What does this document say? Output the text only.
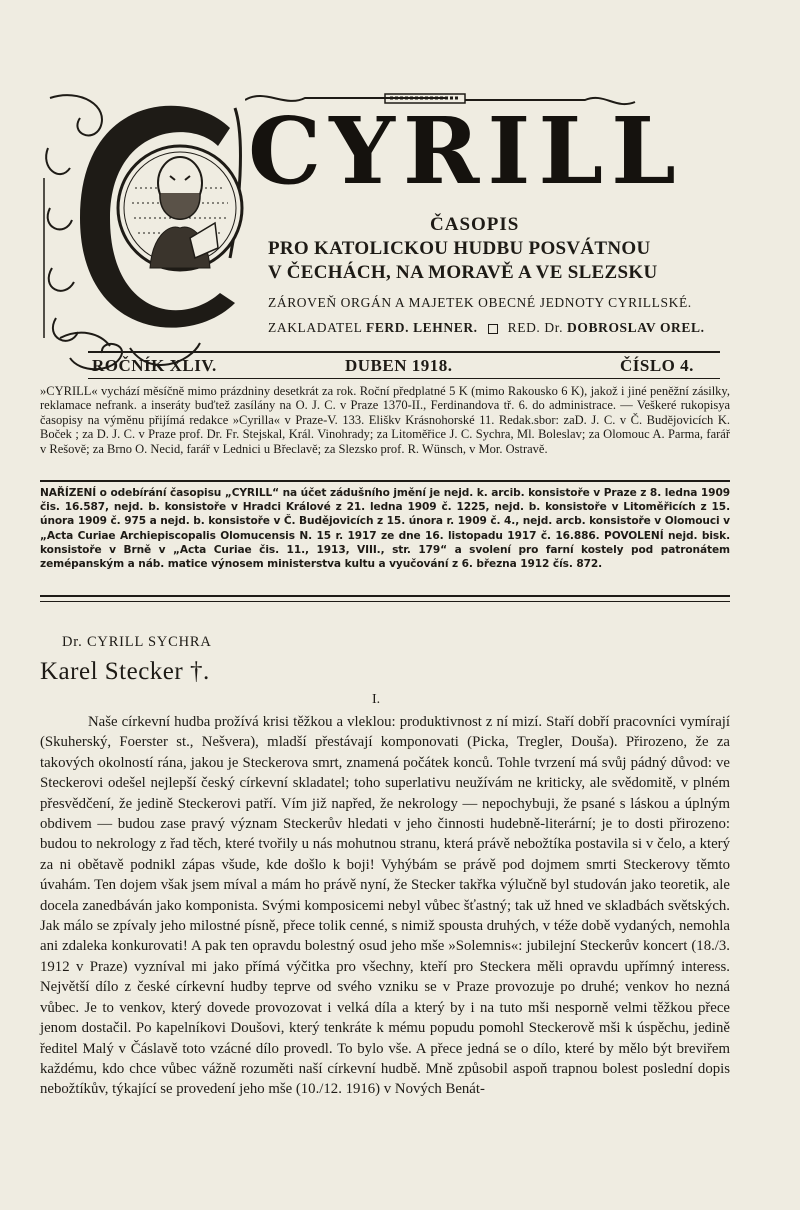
CYRILL
ČASOPIS
PRO KATOLICKOU HUDBU POSVÁTNOU
V ČECHÁCH, NA MORAVĚ A VE SLEZSKU
ZÁROVEŇ ORGÁN A MAJETEK OBECNÉ JEDNOTY CYRILLSKÉ.
ZAKLADATEL FERD. LEHNER. RED. Dr. DOBROSLAV OREL.
ROČNÍK XLIV.	DUBEN 1918.	ČÍSLO 4.
»CYRILL« vychází měsíčně mimo prázdniny desetkrát za rok. Roční předplatné 5 K (mimo Rakousko 6 K), jakož i jiné peněžní zásilky, reklamace nefrank. a inseráty buďtež zasílány na O. J. C. v Praze 1370-II., Ferdinandova tř. 6. do administrace. — Veškeré rukopisya časopisy na výměnu přijímá redakce »Cyrilla« v Praze-V. 133. Eliškv Krásnohorské 11. Redak.sbor: zaD. J. C. v Č. Budějovicích K. Boček ; za D. J. C. v Praze prof. Dr. Fr. Stejskal, Král. Vinohrady; za Litoměřice J. C. Sychra, Ml. Boleslav; za Olomouc A. Parma, farář v Rešově; za Brno O. Necid, farář v Lednici u Břeclavě; za Slezsko prof. R. Wünsch, v Mor. Ostravě.
NAŘÍZENÍ o odebírání časopisu „CYRILL“ na účet zádušního jmění je nejd. k. arcib. konsistoře v Praze z 8. ledna 1909 čis. 16.587, nejd. b. konsistoře v Hradci Králové z 21. ledna 1909 č. 1225, nejd. b. konsistoře v Litoměřicích z 15. února 1909 č. 975 a nejd. b. konsistoře v Č. Budějovicích z 15. února r. 1909 č. 4., nejd. arcb. konsistoře v Olomouci v „Acta Curiae Archiepiscopalis Olomucensis N. 15 r. 1917 ze dne 16. listopadu 1917 č. 16.886. POVOLENÍ nejd. bisk. konsistoře v Brně v „Acta Curiae čis. 11., 1913, VIII., str. 179“ a svolení pro farní kostely pod patronátem zemépanským a náb. matice výnosem ministerstva kultu a vyučování z 6. března 1912 čís. 872.
Dr. CYRILL SYCHRA
Karel Stecker †.
I.

Naše církevní hudba prožívá krisi těžkou a vleklou: produktivnost z ní mizí. Staří dobří pracovníci vymírají (Skuherský, Foerster st., Nešvera), mladší přestávají komponovati (Picka, Tregler, Douša). Přirozeno, že za takových okolností rána, jakou je Steckerova smrt, znamená počátek konců. Tohle tvrzení má svůj pádný důvod: ve Steckerovi odešel nejlepší český církevní skladatel; toho superlativu neužívám ne kriticky, ale svědomitě, v plném přesvědčení, že jedině Steckerovi patří. Vím již napřed, že nekrology — nepochybuji, že psané s láskou a úplným obdivem — budou zase pravý význam Steckerův hledati v jeho činnosti hudebně-literární; je to dosti přirozeno: budou to nekrology z řad těch, které tvořily u nás mohutnou stranu, která právě nebožtíka postavila si v čelo, a který za ni obětavě podnikl zápas všude, kde došlo k boji! Vyhýbám se právě pod dojmem smrti Steckerovy těmto úvahám. Ten dojem však jsem míval a mám ho právě nyní, že Stecker takřka výlučně byl studován jako teoretik, ale docela zanedbáván jako komponista. Svými komposicemi nebyl vůbec šťastný; tak už hned ve skladbách světských. Jak málo se zpívaly jeho milostné písně, přece tolik cenné, s nimiž spousta druhých, v téže době vydaných, nemohla ani zdaleka konkurovati! A pak ten opravdu bolestný osud jeho mše »Solemnis«: jubilejní Steckerův koncert (18./3. 1912 v Praze) vyzníval mi jako přímá výčitka pro všechny, kteří pro Steckera měli opravdu upřímný interess. Největší dílo z české církevní hudby teprve od svého vzniku se v Praze provozuje po druhé; venkov ho nezná vůbec. Je to venkov, který dovede provozovat i velká díla a který by i na tuto mši nesporně velmi těžkou přece jenom dostačil. Po kapelníkovi Doušovi, který tenkráte k mému popudu pomohl Steckerově mši k úspěchu, jedině ředitel Malý v Čáslavě toto vzácné dílo provedl. To bylo vše. A přece jedná se o dílo, které by mělo být breviřem každému, kdo chce vůbec vážně rozuměti naší církevní hudbě. Mně způsobil aspoň trapnou bolest poslední dopis nebožtíkův, týkající se provedení jeho mše (10./12. 1916) v Nových Benát-
